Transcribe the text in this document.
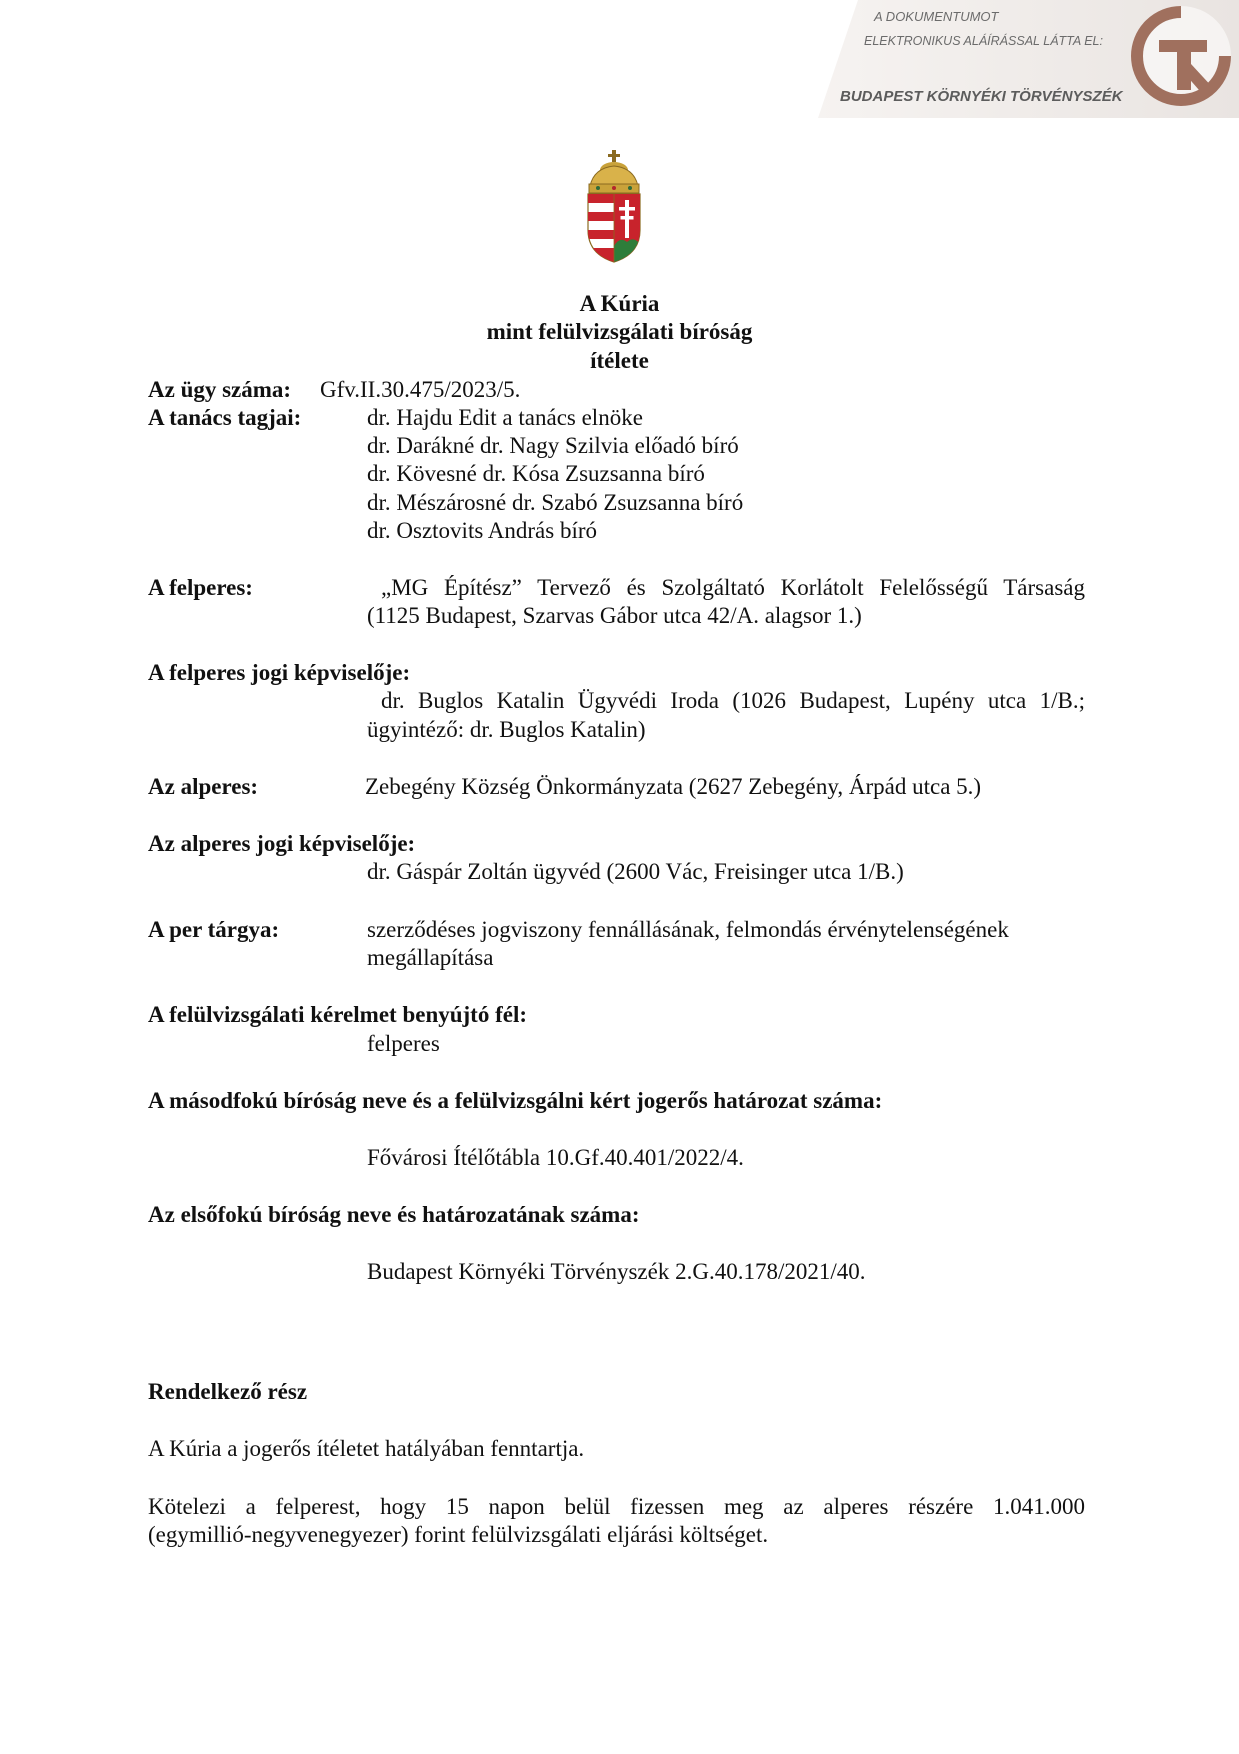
A DOKUMENTUMOT
ELEKTRONIKUS ALÁÍRÁSSAL LÁTTA EL:
BUDAPEST KÖRNYÉKI TÖRVÉNYSZÉK
A Kúria
mint felülvizsgálati bíróság
ítélete
Az ügy száma: Gfv.II.30.475/2023/5.
A tanács tagjai:	dr. Hajdu Edit a tanács elnöke
dr. Darákné dr. Nagy Szilvia előadó bíró
dr. Kövesné dr. Kósa Zsuzsanna bíró
dr. Mészárosné dr. Szabó Zsuzsanna bíró
dr. Osztovits András bíró
A felperes:	„MG Építész” Tervező és Szolgáltató Korlátolt Felelősségű Társaság
(1125 Budapest, Szarvas Gábor utca 42/A. alagsor 1.)
A felperes jogi képviselője:
dr. Buglos Katalin Ügyvédi Iroda (1026 Budapest, Lupény utca 1/B.;
ügyintéző: dr. Buglos Katalin)
Az alperes:	Zebegény Község Önkormányzata (2627 Zebegény, Árpád utca 5.)
Az alperes jogi képviselője:
dr. Gáspár Zoltán ügyvéd (2600 Vác, Freisinger utca 1/B.)
A per tárgya:	szerződéses jogviszony fennállásának, felmondás érvénytelenségének
megállapítása
A felülvizsgálati kérelmet benyújtó fél:
felperes
A másodfokú bíróság neve és a felülvizsgálni kért jogerős határozat száma:
Fővárosi Ítélőtábla 10.Gf.40.401/2022/4.
Az elsőfokú bíróság neve és határozatának száma:
Budapest Környéki Törvényszék 2.G.40.178/2021/40.
Rendelkező rész
A Kúria a jogerős ítéletet hatályában fenntartja.
Kötelezi a felperest, hogy 15 napon belül fizessen meg az alperes részére 1.041.000
(egymillió-negyvenegyezer) forint felülvizsgálati eljárási költséget.
